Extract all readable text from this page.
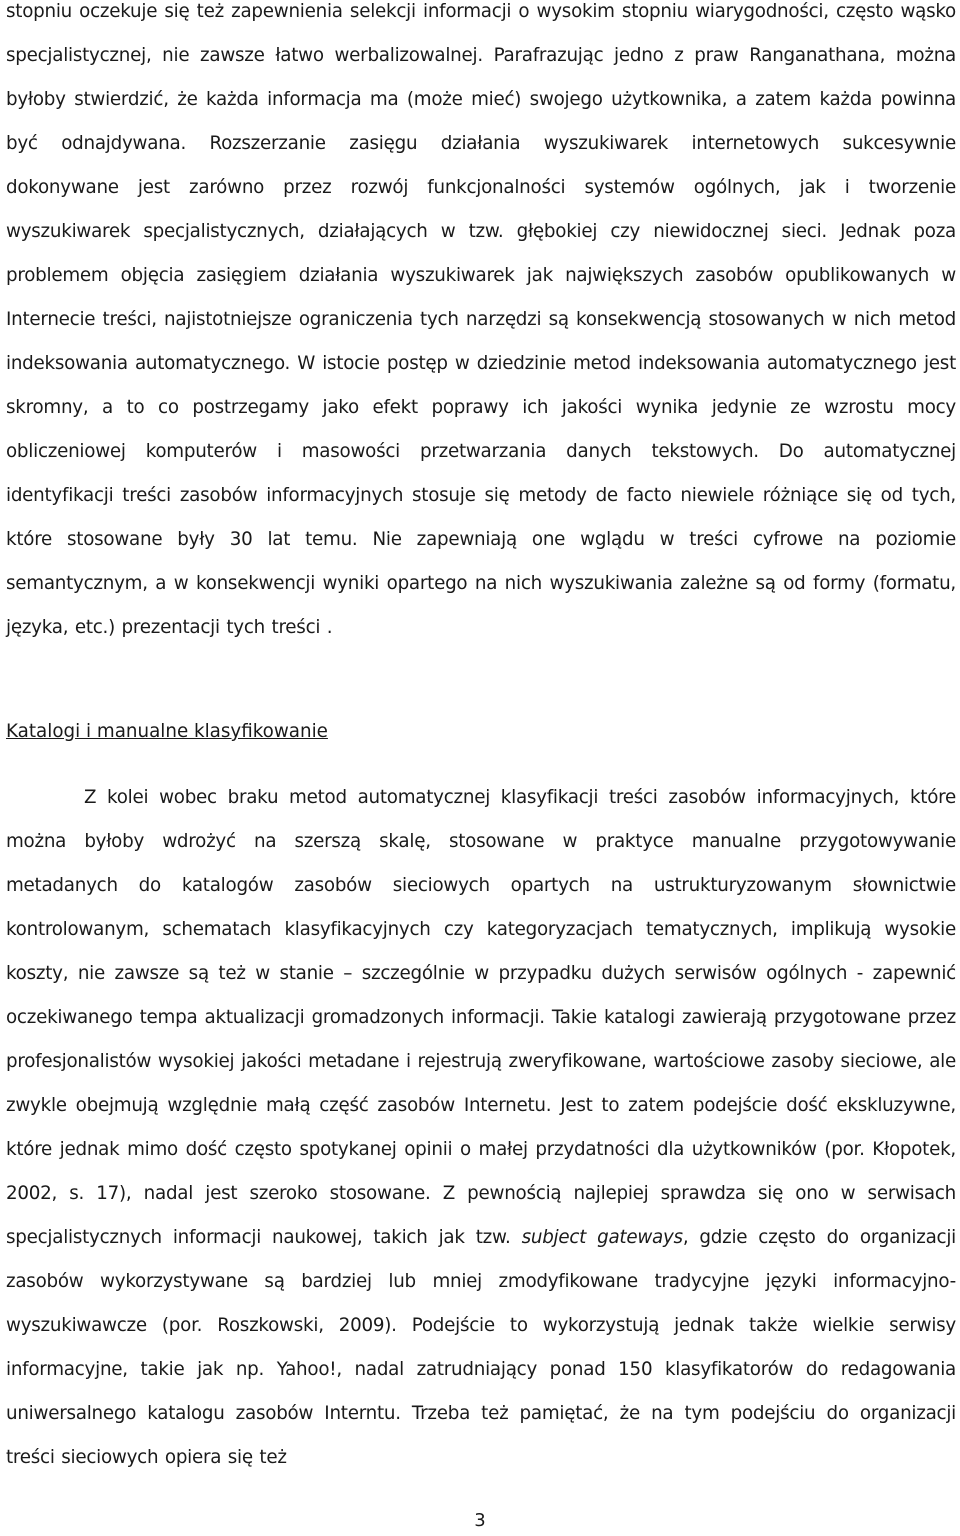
stopniu oczekuje się też zapewnienia selekcji informacji o wysokim stopniu wiarygodności, często wąsko specjalistycznej, nie zawsze łatwo werbalizowalnej. Parafrazując jedno z praw Ranganathana, można byłoby stwierdzić, że każda informacja ma (może mieć) swojego użytkownika, a zatem każda powinna być odnajdywana. Rozszerzanie zasięgu działania wyszukiwarek internetowych sukcesywnie dokonywane jest zarówno przez rozwój funkcjonalności systemów ogólnych, jak i tworzenie wyszukiwarek specjalistycznych, działających w tzw. głębokiej czy niewidocznej sieci. Jednak poza problemem objęcia zasięgiem działania wyszukiwarek jak największych zasobów opublikowanych w Internecie treści, najistotniejsze ograniczenia tych narzędzi są konsekwencją stosowanych w nich metod indeksowania automatycznego. W istocie postęp w dziedzinie metod indeksowania automatycznego jest skromny, a to co postrzegamy jako efekt poprawy ich jakości wynika jedynie ze wzrostu mocy obliczeniowej komputerów i masowości przetwarzania danych tekstowych. Do automatycznej identyfikacji treści zasobów informacyjnych stosuje się metody de facto niewiele różniące się od tych, które stosowane były 30 lat temu. Nie zapewniają one wglądu w treści cyfrowe na poziomie semantycznym, a w konsekwencji wyniki opartego na nich wyszukiwania zależne są od formy (formatu, języka, etc.) prezentacji tych treści .

Katalogi i manualne klasyfikowanie

Z kolei wobec braku metod automatycznej klasyfikacji treści zasobów informacyjnych, które można byłoby wdrożyć na szerszą skalę, stosowane w praktyce manualne przygotowywanie metadanych do katalogów zasobów sieciowych opartych na ustrukturyzowanym słownictwie kontrolowanym, schematach klasyfikacyjnych czy kategoryzacjach tematycznych, implikują wysokie koszty, nie zawsze są też w stanie – szczególnie w przypadku dużych serwisów ogólnych - zapewnić oczekiwanego tempa aktualizacji gromadzonych informacji. Takie katalogi zawierają przygotowane przez profesjonalistów wysokiej jakości metadane i rejestrują zweryfikowane, wartościowe zasoby sieciowe, ale zwykle obejmują względnie małą część zasobów Internetu. Jest to zatem podejście dość ekskluzywne, które jednak mimo dość często spotykanej opinii o małej przydatności dla użytkowników (por. Kłopotek, 2002, s. 17), nadal jest szeroko stosowane. Z pewnością najlepiej sprawdza się ono w serwisach specjalistycznych informacji naukowej, takich jak tzw. subject gateways, gdzie często do organizacji zasobów wykorzystywane są bardziej lub mniej zmodyfikowane tradycyjne języki informacyjno-wyszukiwawcze (por. Roszkowski, 2009). Podejście to wykorzystują jednak także wielkie serwisy informacyjne, takie jak np. Yahoo!, nadal zatrudniający ponad 150 klasyfikatorów do redagowania uniwersalnego katalogu zasobów Interntu. Trzeba też pamiętać, że na tym podejściu do organizacji treści sieciowych opiera się też

3
